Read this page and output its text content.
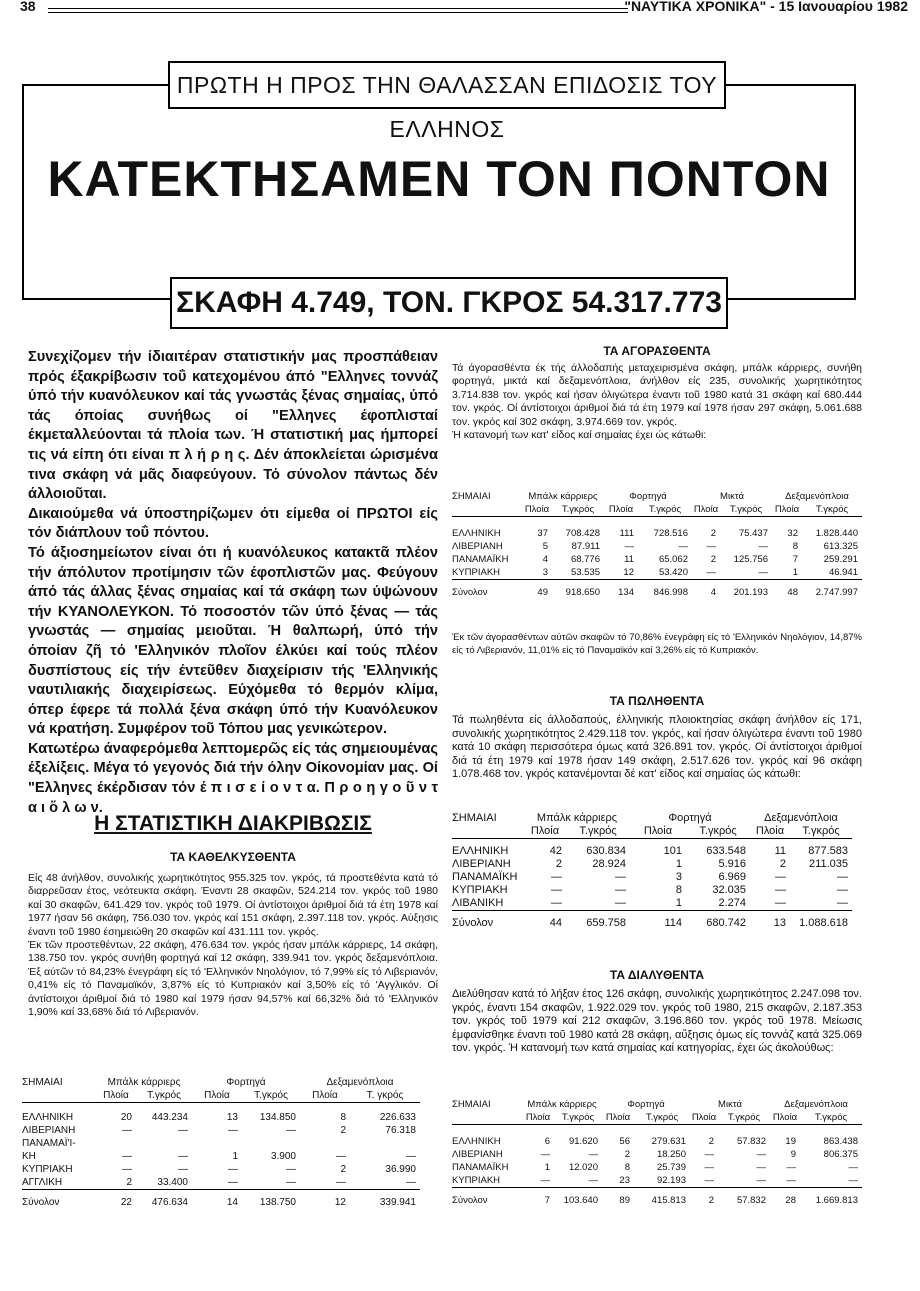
38	"ΝΑΥΤΙΚΑ ΧΡΟΝΙΚΑ" - 15 Ιανουαρίου 1982
ΠΡΩΤΗ Η ΠΡΟΣ ΤΗΝ ΘΑΛΑΣΣΑΝ ΕΠΙΔΟΣΙΣ ΤΟΥ ΕΛΛΗΝΟΣ
ΚΑΤΕΚΤΗΣΑΜΕΝ ΤΟΝ ΠΟΝΤΟΝ
ΣΚΑΦΗ 4.749, ΤΟΝ. ΓΚΡΟΣ 54.317.773

Συνεχίζομεν τήν ίδιαιτέραν στατιστικήν μας προσπάθειαν πρός έξακρίβωσιν τοΰ κατεχομένου άπό "Ελληνες τοννάζ ύπό τήν κυανόλευκον καί τάς γνωστάς ξένας σημαίας, ύπό τάς όποίας συνήθως οί "Ελληνες έφοπλισταί έκμεταλλεύονται τά πλοία των. Ή στατιστική μας ήμπορεί τις νά είπη ότι είναι π λ ή ρ η ς. Δέν άποκλείεται ώρισμένα τινα σκάφη νά μᾶς διαφεύγουν. Τό σύνολον πάντως δέν άλλοιοῦται.

Δικαιούμεθα νά ύποστηρίζωμεν ότι είμεθα οί ΠΡΩΤΟΙ είς τόν διάπλουν τοΰ πόντου.

Τό άξιοσημείωτον είναι ότι ή κυανόλευκος κατακτᾶ πλέον τήν άπόλυτον προτίμησιν τῶν έφοπλιστῶν μας. Φεύγουν άπό τάς άλλας ξένας σημαίας καί τά σκάφη των ύψώνουν τήν ΚΥΑΝΟΛΕΥΚΟΝ. Τό ποσοστόν τῶν ύπό ξένας — τάς γνωστάς — σημαίας μειοῦται. Ή θαλπωρή, ύπό τήν όποίαν ζῆ τό 'Ελληνικόν πλοῖον έλκύει καί τούς πλέον δυσπίστους είς τήν έντεῦθεν διαχείρισιν τής 'Ελληνικής ναυτιλιακής διαχειρίσεως. Εύχόμεθα τό θερμόν κλίμα, όπερ έφερε τά πολλά ξένα σκάφη ύπό τήν Κυανόλευκον νά κρατήση. Συμφέρον τοῦ Τόπου μας γενικώτερον.

Κατωτέρω άναφερόμεθα λεπτομερῶς είς τάς σημειουμένας έξελίξεις. Μέγα τό γεγονός διά τήν όλην Οίκονομίαν μας. Οί "Ελληνες έκέρδισαν τόν έ π ι σ ε ί ο ν τ α. Π ρ ο η γ ο ῦ ν τ α ι ὅ λ ω ν.

Η ΣΤΑΤΙΣΤΙΚΗ ΔΙΑΚΡΙΒΩΣΙΣ
ΤΑ ΚΑΘΕΛΚΥΣΘΕΝΤΑ

Είς 48 άνήλθον, συνολικής χωρητικότητος 955.325 τον. γκρός, τά προστεθέντα κατά τό διαρρεῦσαν έτος, νεότευκτα σκάφη. Έναντι 28 σκαφῶν, 524.214 τον. γκρός τοῦ 1980 καί 30 σκαφῶν, 641.429 τον. γκρός τοῦ 1979. Οί άντίστοιχοι άριθμοί διά τά έτη 1978 καί 1977 ήσαν 56 σκάφη, 756.030 τον. γκρός καί 151 σκάφη, 2.397.118 τον. γκρός. Αύξησις έναντι τοῦ 1980 έσημειώθη 20 σκαφῶν καί 431.111 τον. γκρός.

Έκ τῶν προστεθέντων, 22 σκάφη, 476.634 τον. γκρός ήσαν μπάλκ κάρριερς, 14 σκάφη, 138.750 τον. γκρός συνήθη φορτηγά καί 12 σκάφη, 339.941 τον. γκρός δεξαμενόπλοια. Έξ αύτῶν τό 84,23% ένεγράφη είς τό 'Ελληνικόν Νηολόγιον, τό 7,99% είς τό Λιβεριανόν, 0,41% είς τό Παναμαϊκόν, 3,87% είς τό Κυπριακόν καί 3,50% είς τό 'Αγγλικόν. Οί άντίστοιχοι άριθμοί διά τό 1980 καί 1979 ήσαν 94,57% καί 66,32% διά τό 'Ελληνικόν 1,90% καί 33,68% διά τό Λιβεριανόν.

ΣΗΜΑΙΑΙ	Μπάλκ κάρριερς		Φορτηγά		Δεξαμενόπλοια	
	Πλοία	Τ.γκρός	Πλοία	Τ.γκρός	Πλοία	Τ. γκρός
ΕΛΛΗΝΙΚΗ	20	443.234	13	134.850	8	226.633
ΛΙΒΕΡΙΑΝΗ	—	—	—	—	2	76.318
ΠΑΝΑΜΑΪ'Ι-						
ΚΗ	—	—	1	3.900	—	—
ΚΥΠΡΙΑΚΗ	—	—	—	—	2	36.990
ΑΓΓΛΙΚΗ	2	33.400	—	—	—	—
Σύνολον	22	476.634	14	138.750	12	339.941
ΤΑ ΑΓΟΡΑΣΘΕΝΤΑ

Τά άγορασθέντα έκ τής άλλοδαπής μεταχειρισμένα σκάφη, μπάλκ κάρριερς, συνήθη φορτηγά, μικτά καί δεξαμενόπλοια, άνήλθον είς 235, συνολικής χωρητικότητος 3.714.838 τον. γκρός καί ήσαν όλιγώτερα έναντι τοῦ 1980 κατά 31 σκάφη καί 680.444 τον. γκρός. Οί άντίστοιχοι άριθμοί διά τά έτη 1979 καί 1978 ήσαν 297 σκάφη, 5.061.688 τον. γκρός καί 302 σκάφη, 3.974.669 τον. γκρός.

Ή κατανομή των κατ' είδος καί σημαίας έχει ώς κάτωθι:

ΣΗΜΑΙΑΙ	Μπάλκ κάρριερς		Φορτηγά		Μικτά		Δεξαμενόπλοια	
	Πλοία	Τ.γκρός	Πλοία	Τ.γκρός	Πλοία	Τ.γκρός	Πλοία	Τ.γκρός
ΕΛΛΗΝΙΚΗ	37	708.428	111	728.516	2	75.437	32	1.828.440
ΛΙΒΕΡΙΑΝΗ	5	87.911	—	—	—	—	8	613.325
ΠΑΝΑΜΑΪΚΗ	4	68.776	11	65.062	2	125.756	7	259.291
ΚΥΠΡΙΑΚΗ	3	53.535	12	53.420	—	—	1	46.941
Σύνολον	49	918.650	134	846.998	4	201.193	48	2.747.997
Έκ τῶν άγορασθέντων αύτῶν σκαφῶν τό 70,86% ένεγράφη είς τό 'Ελληνικόν Νηολόγιον, 14,87% είς τό Λιβεριανόν, 11,01% είς τό Παναμαϊκόν καί 3,26% είς τό Κυπριακόν.
ΤΑ ΠΩΛΗΘΕΝΤΑ

Τά πωληθέντα είς άλλοδαπούς, έλληνικής πλοιοκτησίας σκάφη άνήλθον είς 171, συνολικής χωρητικότητος 2.429.118 τον. γκρός, καί ήσαν όλιγώτερα έναντι τοῦ 1980 κατά 10 σκάφη περισσότερα όμως κατά 326.891 τον. γκρός. Οί άντίστοιχοι άριθμοί διά τά έτη 1979 καί 1978 ήσαν 149 σκάφη, 2.517.626 τον. γκρός καί 96 σκάφη 1.078.468 τον. γκρός κατανέμονται δέ κατ' είδος καί σημαίας ώς κάτωθι:

ΣΗΜΑΙΑΙ	Μπάλκ κάρριερς		Φορτηγά		Δεξαμενόπλοια	
	Πλοία	Τ.γκρός	Πλοία	Τ.γκρός	Πλοία	Τ.γκρός
ΕΛΛΗΝΙΚΗ	42	630.834	101	633.548	11	877.583
ΛΙΒΕΡΙΑΝΗ	2	28.924	1	5.916	2	211.035
ΠΑΝΑΜΑΪΚΗ	—	—	3	6.969	—	—
ΚΥΠΡΙΑΚΗ	—	—	8	32.035	—	—
ΛΙΒΑΝΙΚΗ	—	—	1	2.274	—	—
Σύνολον	44	659.758	114	680.742	13	1.088.618
ΤΑ ΔΙΑΛΥΘΕΝΤΑ

Διελύθησαν κατά τό λήξαν έτος 126 σκάφη, συνολικής χωρητικότητος 2.247.098 τον. γκρός, έναντι 154 σκαφῶν, 1.922.029 τον. γκρός τοῦ 1980, 215 σκαφῶν, 2.187.353 τον. γκρός τοῦ 1979 καί 212 σκαφῶν, 3.196.860 τον. γκρός τοῦ 1978. Μείωσις έμφανίσθηκε έναντι τοῦ 1980 κατά 28 σκάφη, αὔξησις όμως είς τοννάζ κατά 325.069 τον. γκρός. Ή κατανομή των κατά σημαίας καί κατηγορίας, έχει ώς άκολούθως:

ΣΗΜΑΙΑΙ	Μπάλκ κάρριερς		Φορτηγά		Μικτά		Δεξαμενόπλοια	
	Πλοία	Τ.γκρός	Πλοία	Τ.γκρός	Πλοία	Τ.γκρός	Πλοία	Τ.γκρός
ΕΛΛΗΝΙΚΗ	6	91.620	56	279.631	2	57.832	19	863.438
ΛΙΒΕΡΙΑΝΗ	—	—	2	18.250	—	—	9	806.375
ΠΑΝΑΜΑΪΚΗ	1	12.020	8	25.739	—	—	—	—
ΚΥΠΡΙΑΚΗ	—	—	23	92.193	—	—	—	—
Σύνολον	7	103.640	89	415.813	2	57.832	28	1.669.813
